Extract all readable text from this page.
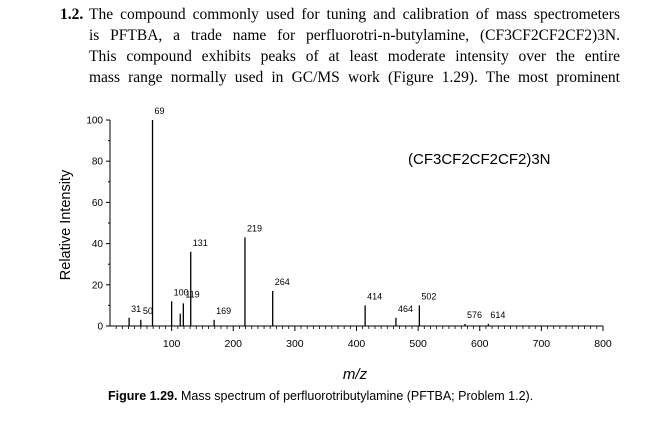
1.2. The compound commonly used for tuning and calibration of mass spectrometers
is PFTBA, a trade name for perfluorotri-n-butylamine, (CF3CF2CF2CF2)3N.
This compound exhibits peaks of at least moderate intensity over the entire
mass range normally used in GC/MS work (Figure 1.29). The most prominent
0
20
40
60
80
100
100	200	300	400	500	600	700	800
31 50
69
100
119
131
169
219
264
414
464
502
576 614
(CF3CF2CF2CF2)3N
Relative Intensity
m/z
Figure 1.29. Mass spectrum of perfluorotributylamine (PFTBA; Problem 1.2).
